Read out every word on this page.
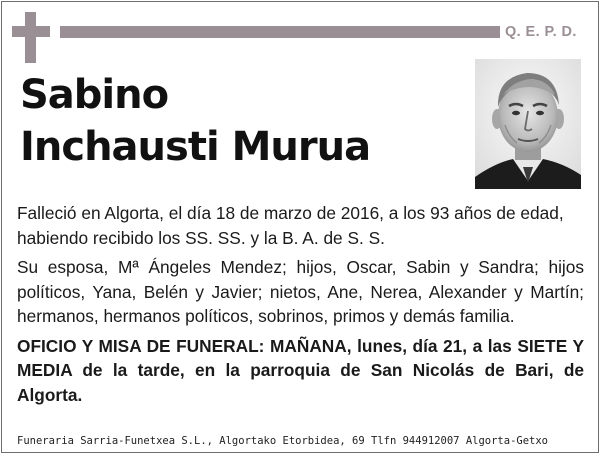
Q. E. P. D.
Sabino
Inchausti Murua

Falleció en Algorta, el día 18 de marzo de 2016, a los 93 años de edad, habiendo recibido los SS. SS. y la B. A. de S. S.

Su esposa, Mª Ángeles Mendez; hijos, Oscar, Sabin y Sandra; hijos políticos, Yana, Belén y Javier; nietos, Ane, Nerea, Alexander y Martín; hermanos, hermanos políticos, sobrinos, primos y demás familia.

OFICIO Y MISA DE FUNERAL: MAÑANA, lunes, día 21, a las SIETE Y MEDIA de la tarde, en la parroquia de San Nicolás de Bari, de Algorta.

Funeraria Sarria-Funetxea S.L., Algortako Etorbidea, 69 Tlfn 944912007 Algorta-Getxo
